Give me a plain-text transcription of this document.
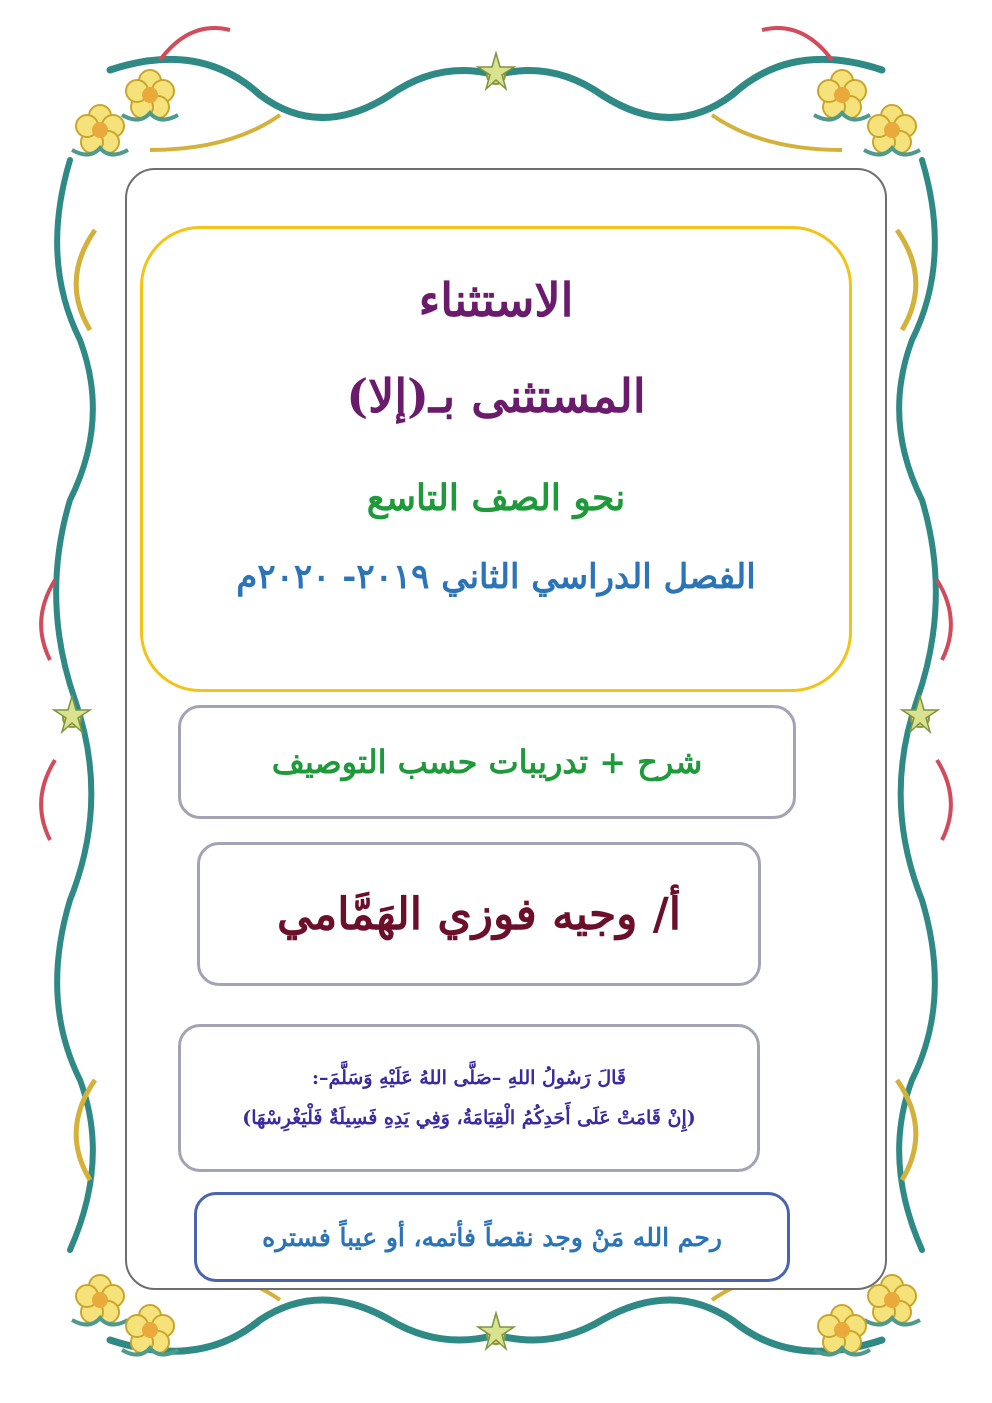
الاستثناء
المستثنى بـ(إلا)
نحو الصف التاسع
الفصل الدراسي الثاني ٢٠١٩- ٢٠٢٠م
شرح + تدريبات حسب التوصيف
أ/ وجيه فوزي الهَمَّامي
قَالَ رَسُولُ اللهِ –صَلَّى اللهُ عَلَيْهِ وَسَلَّمَ–:
(إِنْ قَامَتْ عَلَى أَحَدِكُمُ الْقِيَامَةُ، وَفِي يَدِهِ فَسِيلَةٌ فَلْيَغْرِسْهَا)
رحم الله مَنْ وجد نقصاً فأتمه، أو عيباً فستره
